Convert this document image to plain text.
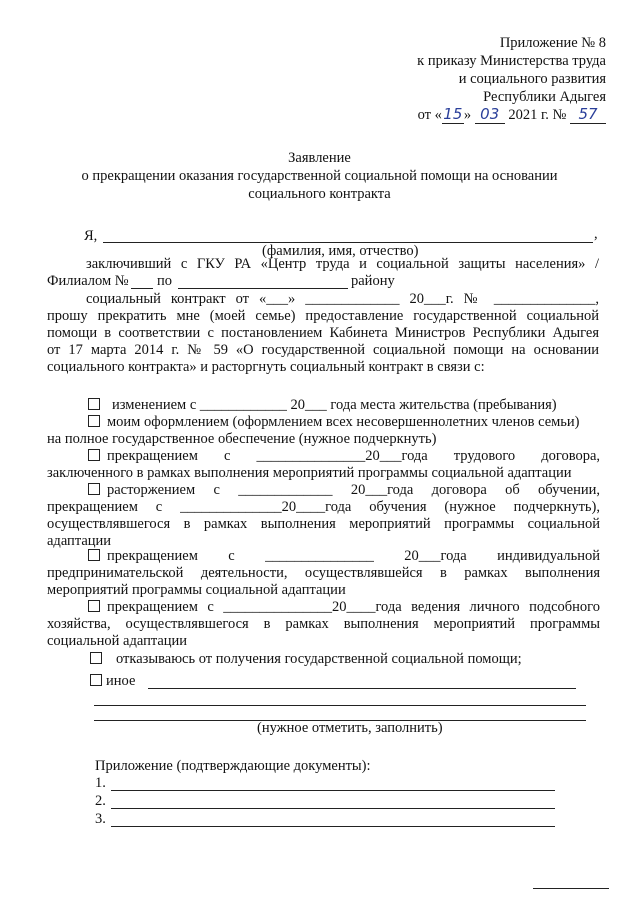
Приложение № 8
к приказу Министерства труда
и социального развития
Республики Адыгея
от «15» 03 2021 г. № 57
Заявление
о прекращении оказания государственной социальной помощи на основании
социального контракта
Я,	,
(фамилия, имя, отчество)
заключивший с ГКУ РА «Центр труда и социальной защиты населения» /
Филиалом № по	району
социальный контракт от «___» _____________ 20___г. № ______________,
прошу прекратить мне (моей семье) предоставление государственной социальной
помощи в соответствии с постановлением Кабинета Министров Республики Адыгея
от 17 марта 2014 г. № 59 «О государственной социальной помощи на основании
социального контракта» и расторгнуть социальный контракт в связи с:
изменением с ____________ 20___ года места жительства (пребывания)
моим оформлением (оформлением всех несовершеннолетних членов семьи)
на полное государственное обеспечение (нужное подчеркнуть)
прекращением с _______________20___года трудового договора,
заключенного в рамках выполнения мероприятий программы социальной адаптации
расторжением с _____________ 20___года договора об обучении,
прекращением с ______________20____года обучения (нужное подчеркнуть),
осуществлявшегося в рамках выполнения мероприятий программы социальной
адаптации
прекращением с _______________ 20___года индивидуальной
предпринимательской деятельности, осуществлявшейся в рамках выполнения
мероприятий программы социальной адаптации
прекращением с _______________20____года ведения личного подсобного
хозяйства, осуществлявшегося в рамках выполнения мероприятий программы
социальной адаптации
отказываюсь от получения государственной социальной помощи;
иное
(нужное отметить, заполнить)
Приложение (подтверждающие документы):
1.
2.
3.
